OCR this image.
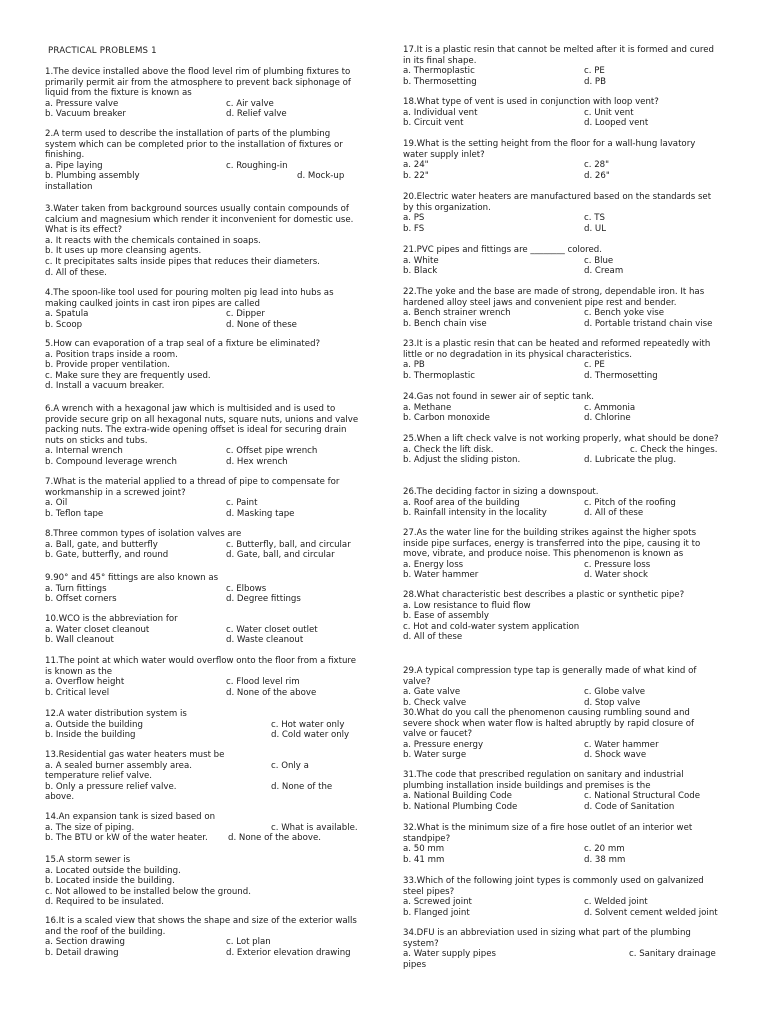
PRACTICAL PROBLEMS 1
1.The device installed above the flood level rim of plumbing fixtures to primarily permit air from the atmosphere to prevent back siphonage of liquid from the fixture is known as
a. Pressure valve	c. Air valve
b. Vacuum breaker	d. Relief valve
2.A term used to describe the installation of parts of the plumbing system which can be completed prior to the installation of fixtures or finishing.
a. Pipe laying	c. Roughing-in
b. Plumbing assembly	d. Mock-up
installation
3.Water taken from background sources usually contain compounds of calcium and magnesium which render it inconvenient for domestic use. What is its effect?
a. It reacts with the chemicals contained in soaps.
b. It uses up more cleansing agents.
c. It precipitates salts inside pipes that reduces their diameters.
d. All of these.
4.The spoon-like tool used for pouring molten pig lead into hubs as making caulked joints in cast iron pipes are called
a. Spatula	c. Dipper
b. Scoop	d. None of these
5.How can evaporation of a trap seal of a fixture be eliminated?
a. Position traps inside a room.
b. Provide proper ventilation.
c. Make sure they are frequently used.
d. Install a vacuum breaker.
6.A wrench with a hexagonal jaw which is multisided and is used to provide secure grip on all hexagonal nuts, square nuts, unions and valve packing nuts. The extra-wide opening offset is ideal for securing drain nuts on sticks and tubs.
a. Internal wrench	c. Offset pipe wrench
b. Compound leverage wrench	d. Hex wrench
7.What is the material applied to a thread of pipe to compensate for workmanship in a screwed joint?
a. Oil	c. Paint
b. Teflon tape	d. Masking tape
8.Three common types of isolation valves are
a. Ball, gate, and butterfly	c. Butterfly, ball, and circular
b. Gate, butterfly, and round	d. Gate, ball, and circular
9.90° and 45° fittings are also known as
a. Turn fittings	c. Elbows
b. Offset corners	d. Degree fittings
10.WCO is the abbreviation for
a. Water closet cleanout	c. Water closet outlet
b. Wall cleanout	d. Waste cleanout
11.The point at which water would overflow onto the floor from a fixture is known as the
a. Overflow height	c. Flood level rim
b. Critical level	d. None of the above
12.A water distribution system is
a. Outside the building	c. Hot water only
b. Inside the building	d. Cold water only
13.Residential gas water heaters must be
a. A sealed burner assembly area.	c. Only a
temperature relief valve.
b. Only a pressure relief valve.	d. None of the
above.
14.An expansion tank is sized based on
a. The size of piping.	c. What is available.
b. The BTU or kW of the water heater. d. None of the above.
15.A storm sewer is
a. Located outside the building.
b. Located inside the building.
c. Not allowed to be installed below the ground.
d. Required to be insulated.
16.It is a scaled view that shows the shape and size of the exterior walls and the roof of the building.
a. Section drawing	c. Lot plan
b. Detail drawing	d. Exterior elevation drawing
17.It is a plastic resin that cannot be melted after it is formed and cured in its final shape.
a. Thermoplastic	c. PE
b. Thermosetting	d. PB
18.What type of vent is used in conjunction with loop vent?
a. Individual vent	c. Unit vent
b. Circuit vent	d. Looped vent
19.What is the setting height from the floor for a wall-hung lavatory water supply inlet?
a. 24"	c. 28"
b. 22"	d. 26"
20.Electric water heaters are manufactured based on the standards set by this organization.
a. PS	c. TS
b. FS	d. UL
21.PVC pipes and fittings are ________ colored.
a. White	c. Blue
b. Black	d. Cream
22.The yoke and the base are made of strong, dependable iron. It has hardened alloy steel jaws and convenient pipe rest and bender.
a. Bench strainer wrench	c. Bench yoke vise
b. Bench chain vise	d. Portable tristand chain vise
23.It is a plastic resin that can be heated and reformed repeatedly with little or no degradation in its physical characteristics.
a. PB	c. PE
b. Thermoplastic	d. Thermosetting
24.Gas not found in sewer air of septic tank.
a. Methane	c. Ammonia
b. Carbon monoxide	d. Chlorine
25.When a lift check valve is not working properly, what should be done?
a. Check the lift disk.	c. Check the hinges.
b. Adjust the sliding piston.	d. Lubricate the plug.
26.The deciding factor in sizing a downspout.
a. Roof area of the building	c. Pitch of the roofing
b. Rainfall intensity in the locality	d. All of these
27.As the water line for the building strikes against the higher spots inside pipe surfaces, energy is transferred into the pipe, causing it to move, vibrate, and produce noise. This phenomenon is known as
a. Energy loss	c. Pressure loss
b. Water hammer	d. Water shock
28.What characteristic best describes a plastic or synthetic pipe?
a. Low resistance to fluid flow
b. Ease of assembly
c. Hot and cold-water system application
d. All of these
29.A typical compression type tap is generally made of what kind of valve?
a. Gate valve	c. Globe valve
b. Check valve	d. Stop valve
30.What do you call the phenomenon causing rumbling sound and severe shock when water flow is halted abruptly by rapid closure of valve or faucet?
a. Pressure energy	c. Water hammer
b. Water surge	d. Shock wave
31.The code that prescribed regulation on sanitary and industrial plumbing installation inside buildings and premises is the
a. National Building Code	c. National Structural Code
b. National Plumbing Code	d. Code of Sanitation
32.What is the minimum size of a fire hose outlet of an interior wet standpipe?
a. 50 mm	c. 20 mm
b. 41 mm	d. 38 mm
33.Which of the following joint types is commonly used on galvanized steel pipes?
a. Screwed joint	c. Welded joint
b. Flanged joint	d. Solvent cement welded joint
34.DFU is an abbreviation used in sizing what part of the plumbing system?
a. Water supply pipes	c. Sanitary drainage
pipes
